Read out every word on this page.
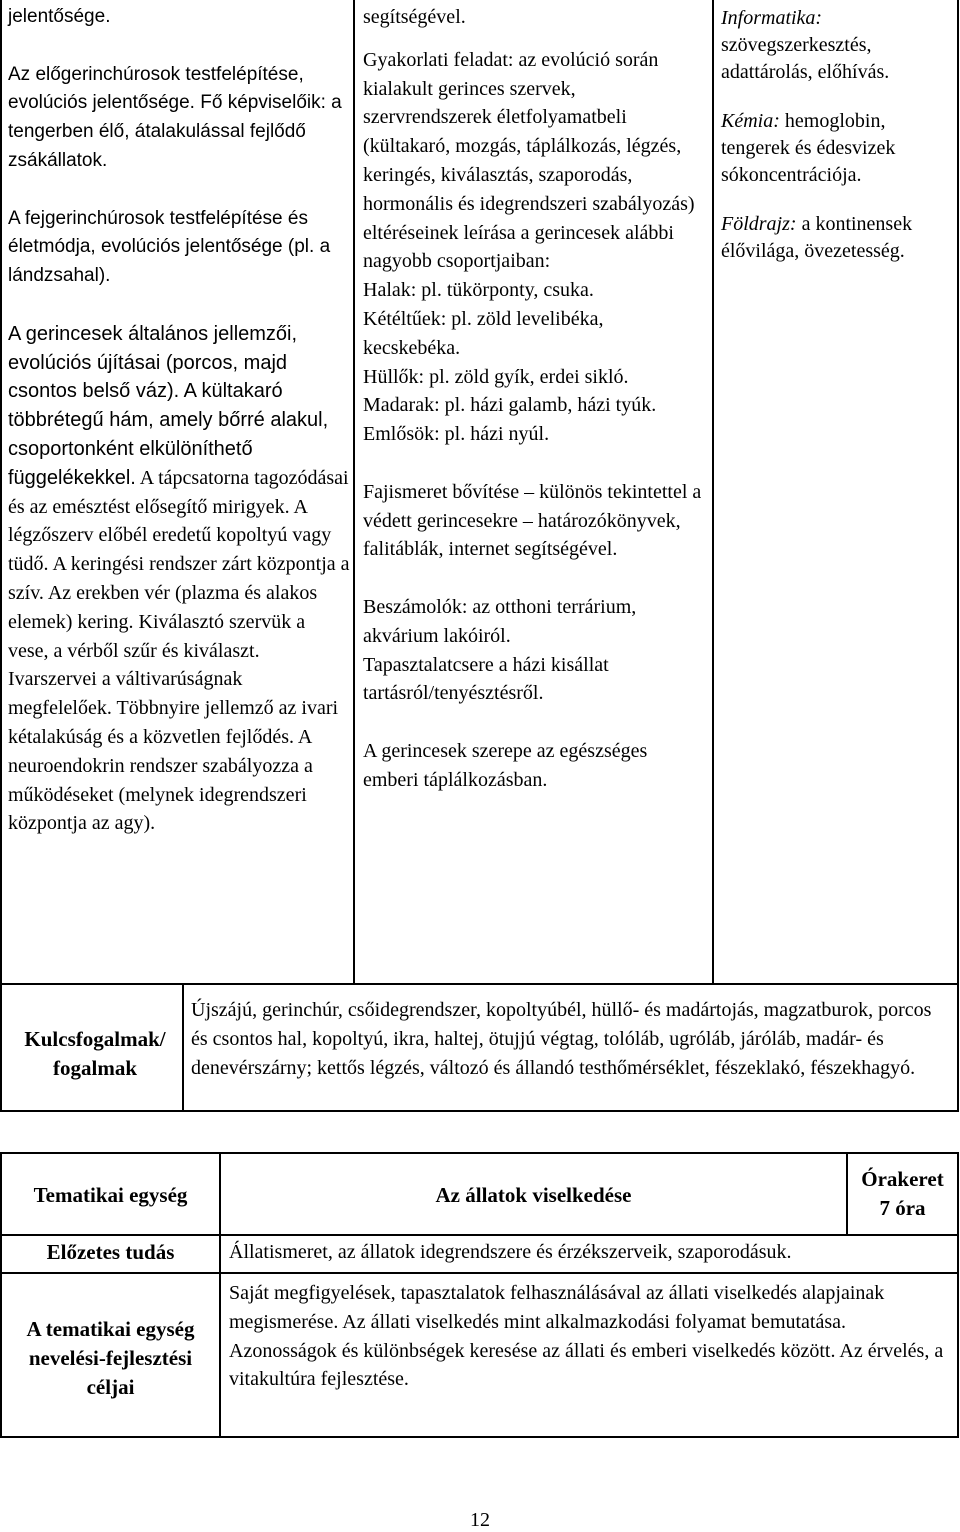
jelentősége.

Az előgerinchúrosok testfelépítése, evolúciós jelentősége. Fő képviselőik: a tengerben élő, átalakulással fejlődő zsákállatok.

A fejgerinchúrosok testfelépítése és életmódja, evolúciós jelentősége (pl. a lándzsahal).

A gerincesek általános jellemzői, evolúciós újításai (porcos, majd csontos belső váz). A kültakaró többrétegű hám, amely bőrré alakul, csoportonként elkülöníthető függelékekkel. A tápcsatorna tagozódásai és az emésztést elősegítő mirigyek. A légzőszerv előbél eredetű kopoltyú vagy tüdő. A keringési rendszer zárt központja a szív. Az erekben vér (plazma és alakos elemek) kering. Kiválasztó szervük a vese, a vérből szűr és kiválaszt. Ivarszervei a váltivarúságnak megfelelőek. Többnyire jellemző az ivari kétalakúság és a közvetlen fejlődés. A neuroendokrin rendszer szabályozza a működéseket (melynek idegrendszeri központja az agy).

segítségével.

Gyakorlati feladat: az evolúció során kialakult gerinces szervek, szervrendszerek életfolyamatbeli (kültakaró, mozgás, táplálkozás, légzés, keringés, kiválasztás, szaporodás, hormonális és idegrendszeri szabályozás) eltéréseinek leírása a gerincesek alábbi nagyobb csoportjaiban:

Halak: pl. tükörponty, csuka.

Kétéltűek: pl. zöld levelibéka, kecskebéka.

Hüllők: pl. zöld gyík, erdei sikló.

Madarak: pl. házi galamb, házi tyúk.

Emlősök: pl. házi nyúl.

Fajismeret bővítése – különös tekintettel a védett gerincesekre – határozókönyvek, falitáblák, internet segítségével.

Beszámolók: az otthoni terrárium, akvárium lakóiról.

Tapasztalatcsere a házi kisállat tartásról/tenyésztésről.

A gerincesek szerepe az egészséges emberi táplálkozásban.

Informatika:
szövegszerkesztés, adattárolás, előhívás.

Kémia: hemoglobin, tengerek és édesvizek sókoncentrációja.

Földrajz: a kontinensek élővilága, övezetesség.

Kulcsfogalmak/ fogalmak
Újszájú, gerinchúr, csőidegrendszer, kopoltyúbél, hüllő- és madártojás, magzatburok, porcos és csontos hal, kopoltyú, ikra, haltej, ötujjú végtag, tolóláb, ugróláb, járóláb, madár- és denevérszárny; kettős légzés, változó és állandó testhőmérséklet, fészeklakó, fészekhagyó.
Tematikai egység	Az állatok viselkedése
Órakeret
7 óra
Előzetes tudás	Állatismeret, az állatok idegrendszere és érzékszerveik, szaporodásuk.
A tematikai egység nevelési-fejlesztési céljai
Saját megfigyelések, tapasztalatok felhasználásával az állati viselkedés alapjainak megismerése. Az állati viselkedés mint alkalmazkodási folyamat bemutatása. Azonosságok és különbségek keresése az állati és emberi viselkedés között. Az érvelés, a vitakultúra fejlesztése.
12
